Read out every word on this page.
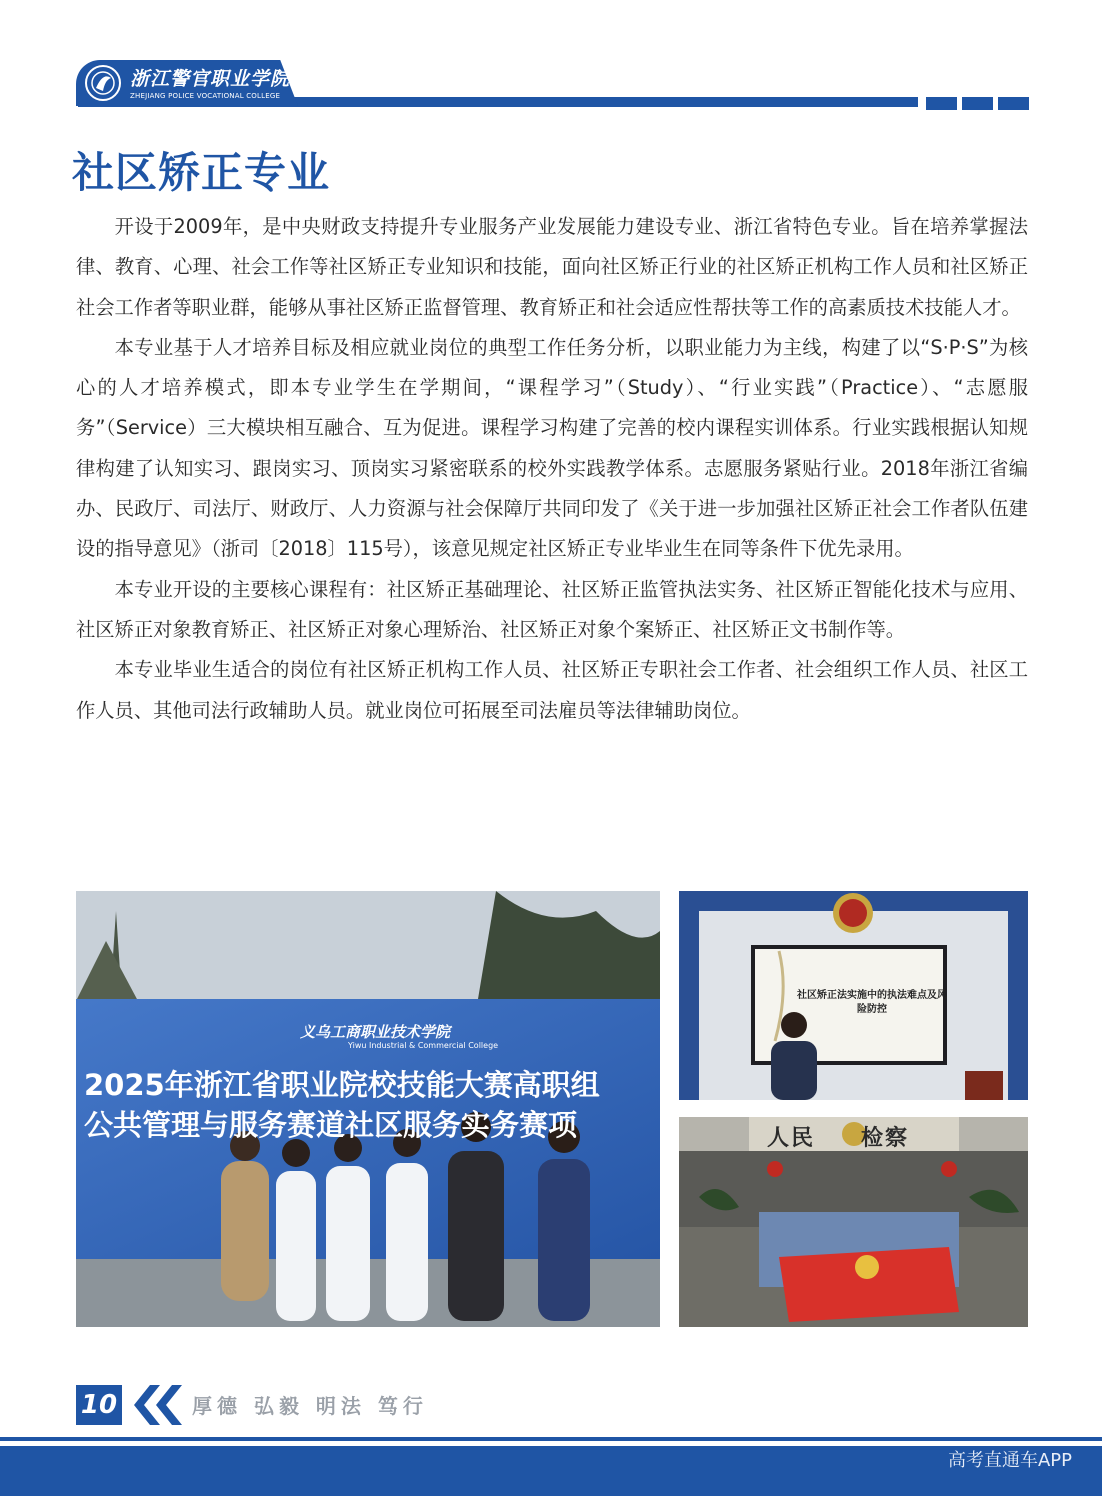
浙江警官职业学院
ZHEJIANG POLICE VOCATIONAL COLLEGE
社区矫正专业

开设于2009年，是中央财政支持提升专业服务产业发展能力建设专业、浙江省特色专业。旨在培养掌握法律、教育、心理、社会工作等社区矫正专业知识和技能，面向社区矫正行业的社区矫正机构工作人员和社区矫正社会工作者等职业群，能够从事社区矫正监督管理、教育矫正和社会适应性帮扶等工作的高素质技术技能人才。

本专业基于人才培养目标及相应就业岗位的典型工作任务分析，以职业能力为主线，构建了以“S·P·S”为核心的人才培养模式，即本专业学生在学期间，“课程学习”（Study）、“行业实践”（Practice）、“志愿服务”（Service）三大模块相互融合、互为促进。课程学习构建了完善的校内课程实训体系。行业实践根据认知规律构建了认知实习、跟岗实习、顶岗实习紧密联系的校外实践教学体系。志愿服务紧贴行业。2018年浙江省编办、民政厅、司法厅、财政厅、人力资源与社会保障厅共同印发了《关于进一步加强社区矫正社会工作者队伍建设的指导意见》（浙司〔2018〕115号），该意见规定社区矫正专业毕业生在同等条件下优先录用。

本专业开设的主要核心课程有：社区矫正基础理论、社区矫正监管执法实务、社区矫正智能化技术与应用、社区矫正对象教育矫正、社区矫正对象心理矫治、社区矫正对象个案矫正、社区矫正文书制作等。

本专业毕业生适合的岗位有社区矫正机构工作人员、社区矫正专职社会工作者、社会组织工作人员、社区工作人员、其他司法行政辅助人员。就业岗位可拓展至司法雇员等法律辅助岗位。

义乌工商职业技术学院
Yiwu Industrial & Commercial College
2025年浙江省职业院校技能大赛高职组
公共管理与服务赛道社区服务实务赛项
社区矫正法实施中的执法难点及风险防控
人民 检察
10	厚德 弘毅 明法 笃行
高考直通车APP
